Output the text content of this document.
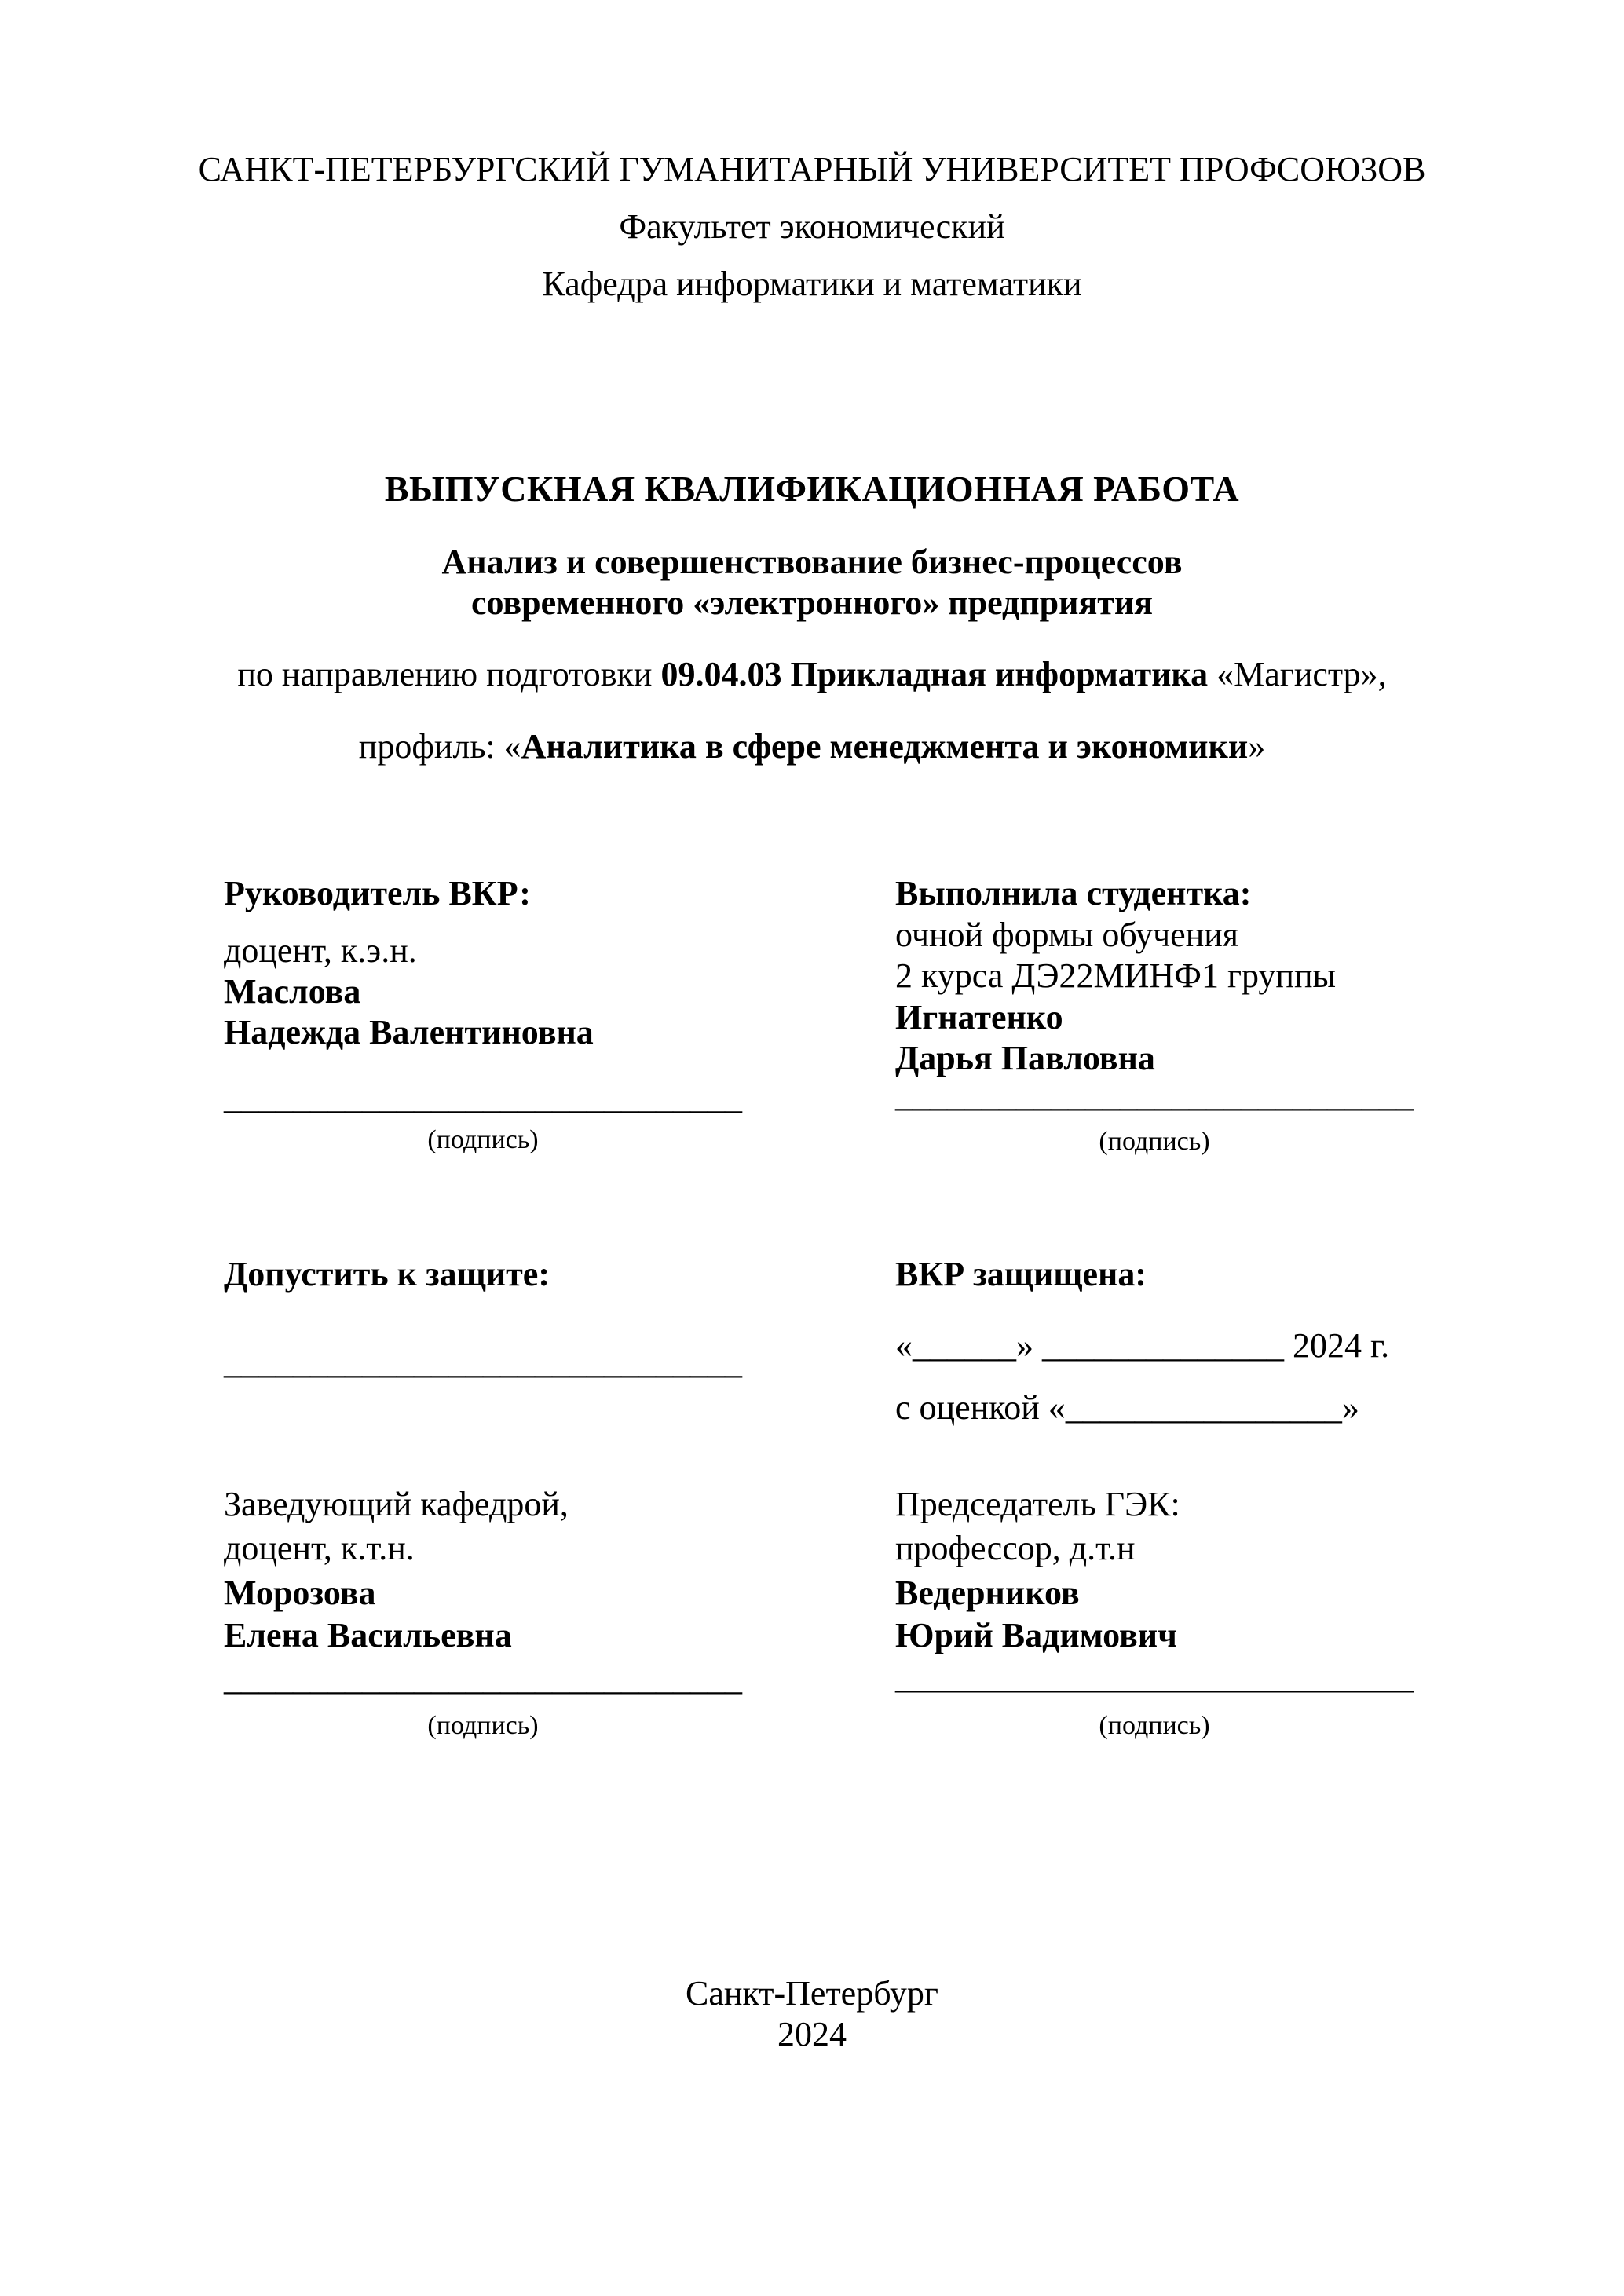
САНКТ-ПЕТЕРБУРГСКИЙ ГУМАНИТАРНЫЙ УНИВЕРСИТЕТ ПРОФСОЮЗОВ
Факультет экономический
Кафедра информатики и математики
ВЫПУСКНАЯ КВАЛИФИКАЦИОННАЯ РАБОТА
Анализ и совершенствование бизнес-процессов
современного «электронного» предприятия
по направлению подготовки 09.04.03 Прикладная информатика «Магистр»,
профиль: «Аналитика в сфере менеджмента и экономики»
Руководитель ВКР:
доцент, к.э.н.
Маслова
Надежда Валентиновна
______________________________
(подпись)
Выполнила студентка:
очной формы обучения
2 курса ДЭ22МИНФ1 группы
Игнатенко
Дарья Павловна
______________________________
(подпись)
Допустить к защите:
______________________________
ВКР защищена:
«______» ______________ 2024 г.
с оценкой «________________»
Заведующий кафедрой,
доцент, к.т.н.
Морозова
Елена Васильевна
______________________________
(подпись)
Председатель ГЭК:
профессор, д.т.н
Ведерников
Юрий Вадимович
______________________________
(подпись)
Санкт-Петербург
2024
